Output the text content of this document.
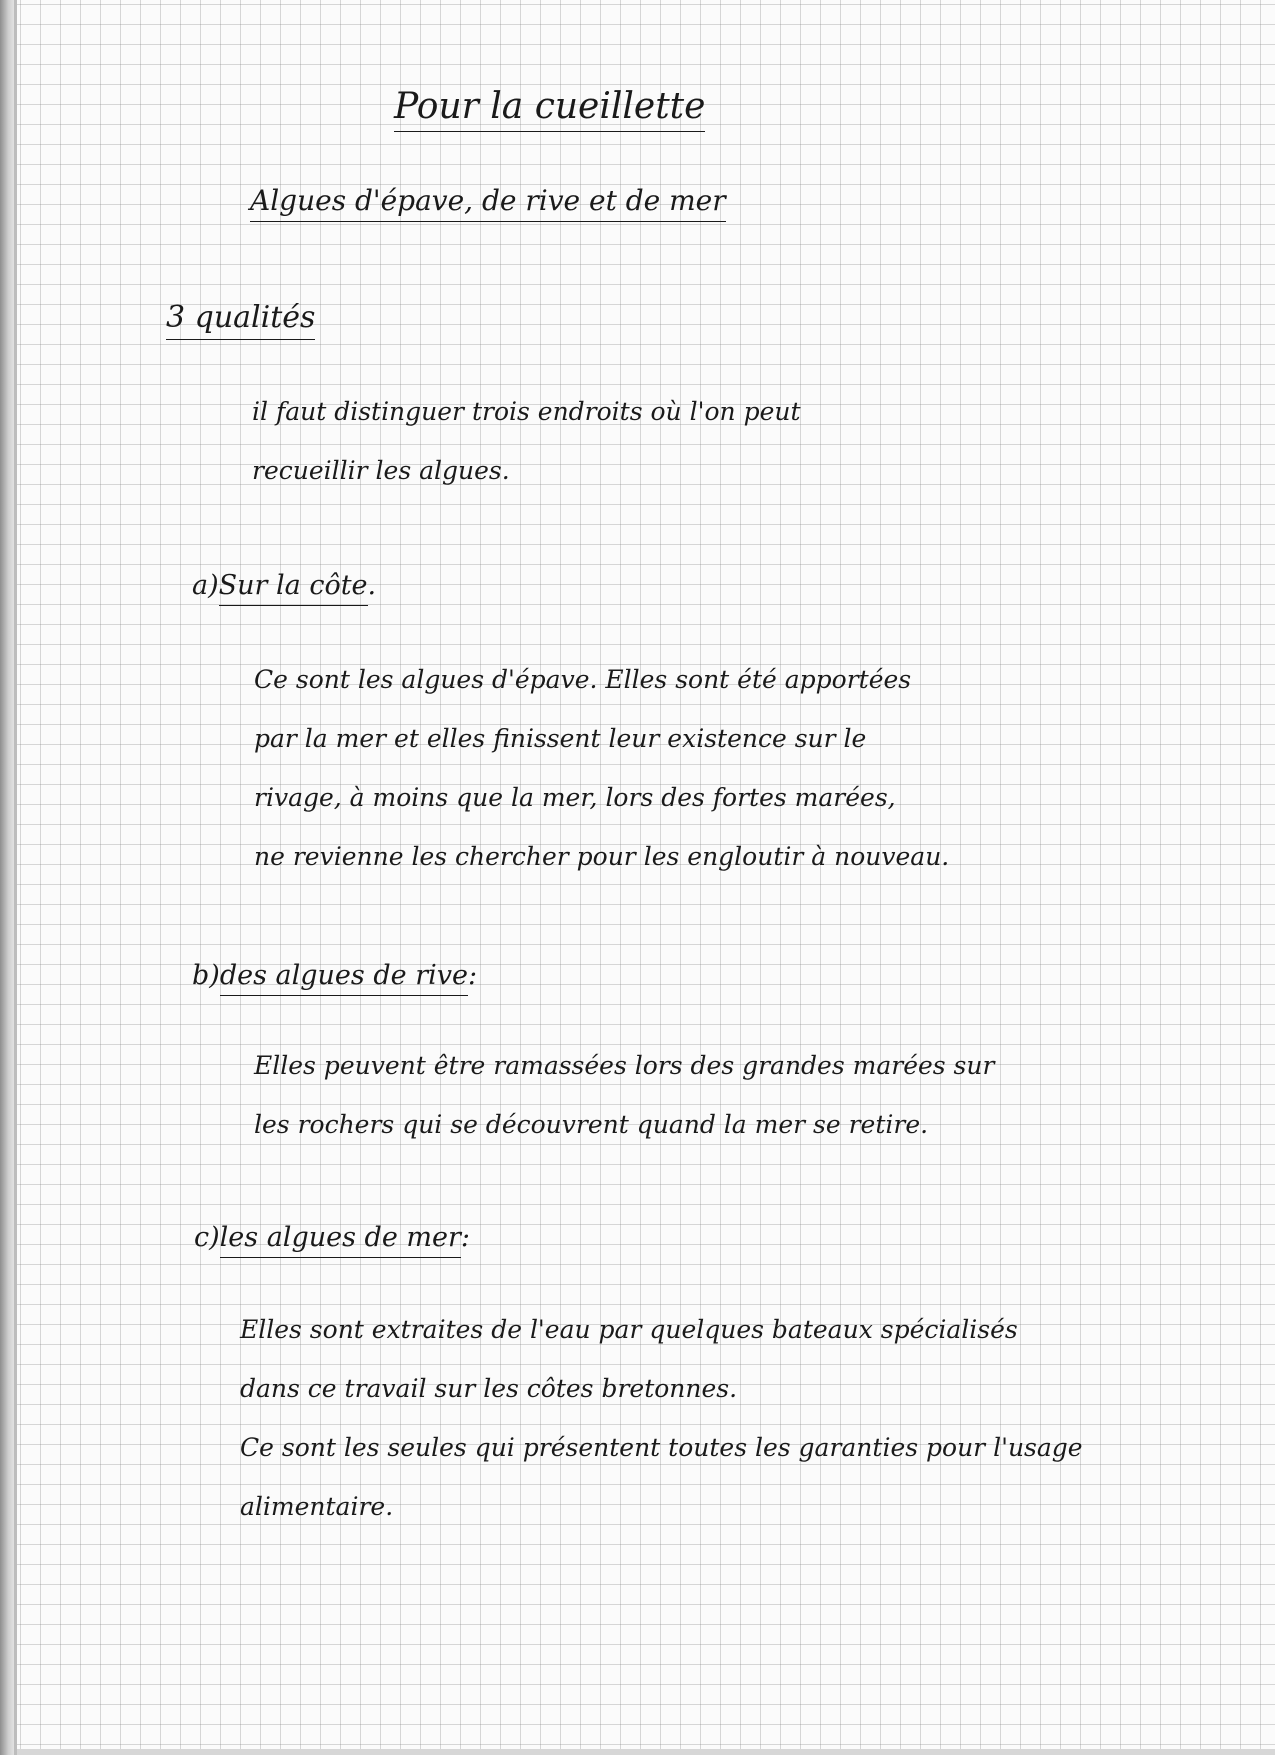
Pour la cueillette
Algues d'épave, de rive et de mer
3 qualités
il faut distinguer trois endroits où l'on peut
recueillir les algues.
a)Sur la côte.
Ce sont les algues d'épave. Elles sont été apportées
par la mer et elles finissent leur existence sur le
rivage, à moins que la mer, lors des fortes marées,
ne revienne les chercher pour les engloutir à nouveau.
b)des algues de rive:
Elles peuvent être ramassées lors des grandes marées sur
les rochers qui se découvrent quand la mer se retire.
c)les algues de mer:
Elles sont extraites de l'eau par quelques bateaux spécialisés
dans ce travail sur les côtes bretonnes.
Ce sont les seules qui présentent toutes les garanties pour l'usage
alimentaire.
